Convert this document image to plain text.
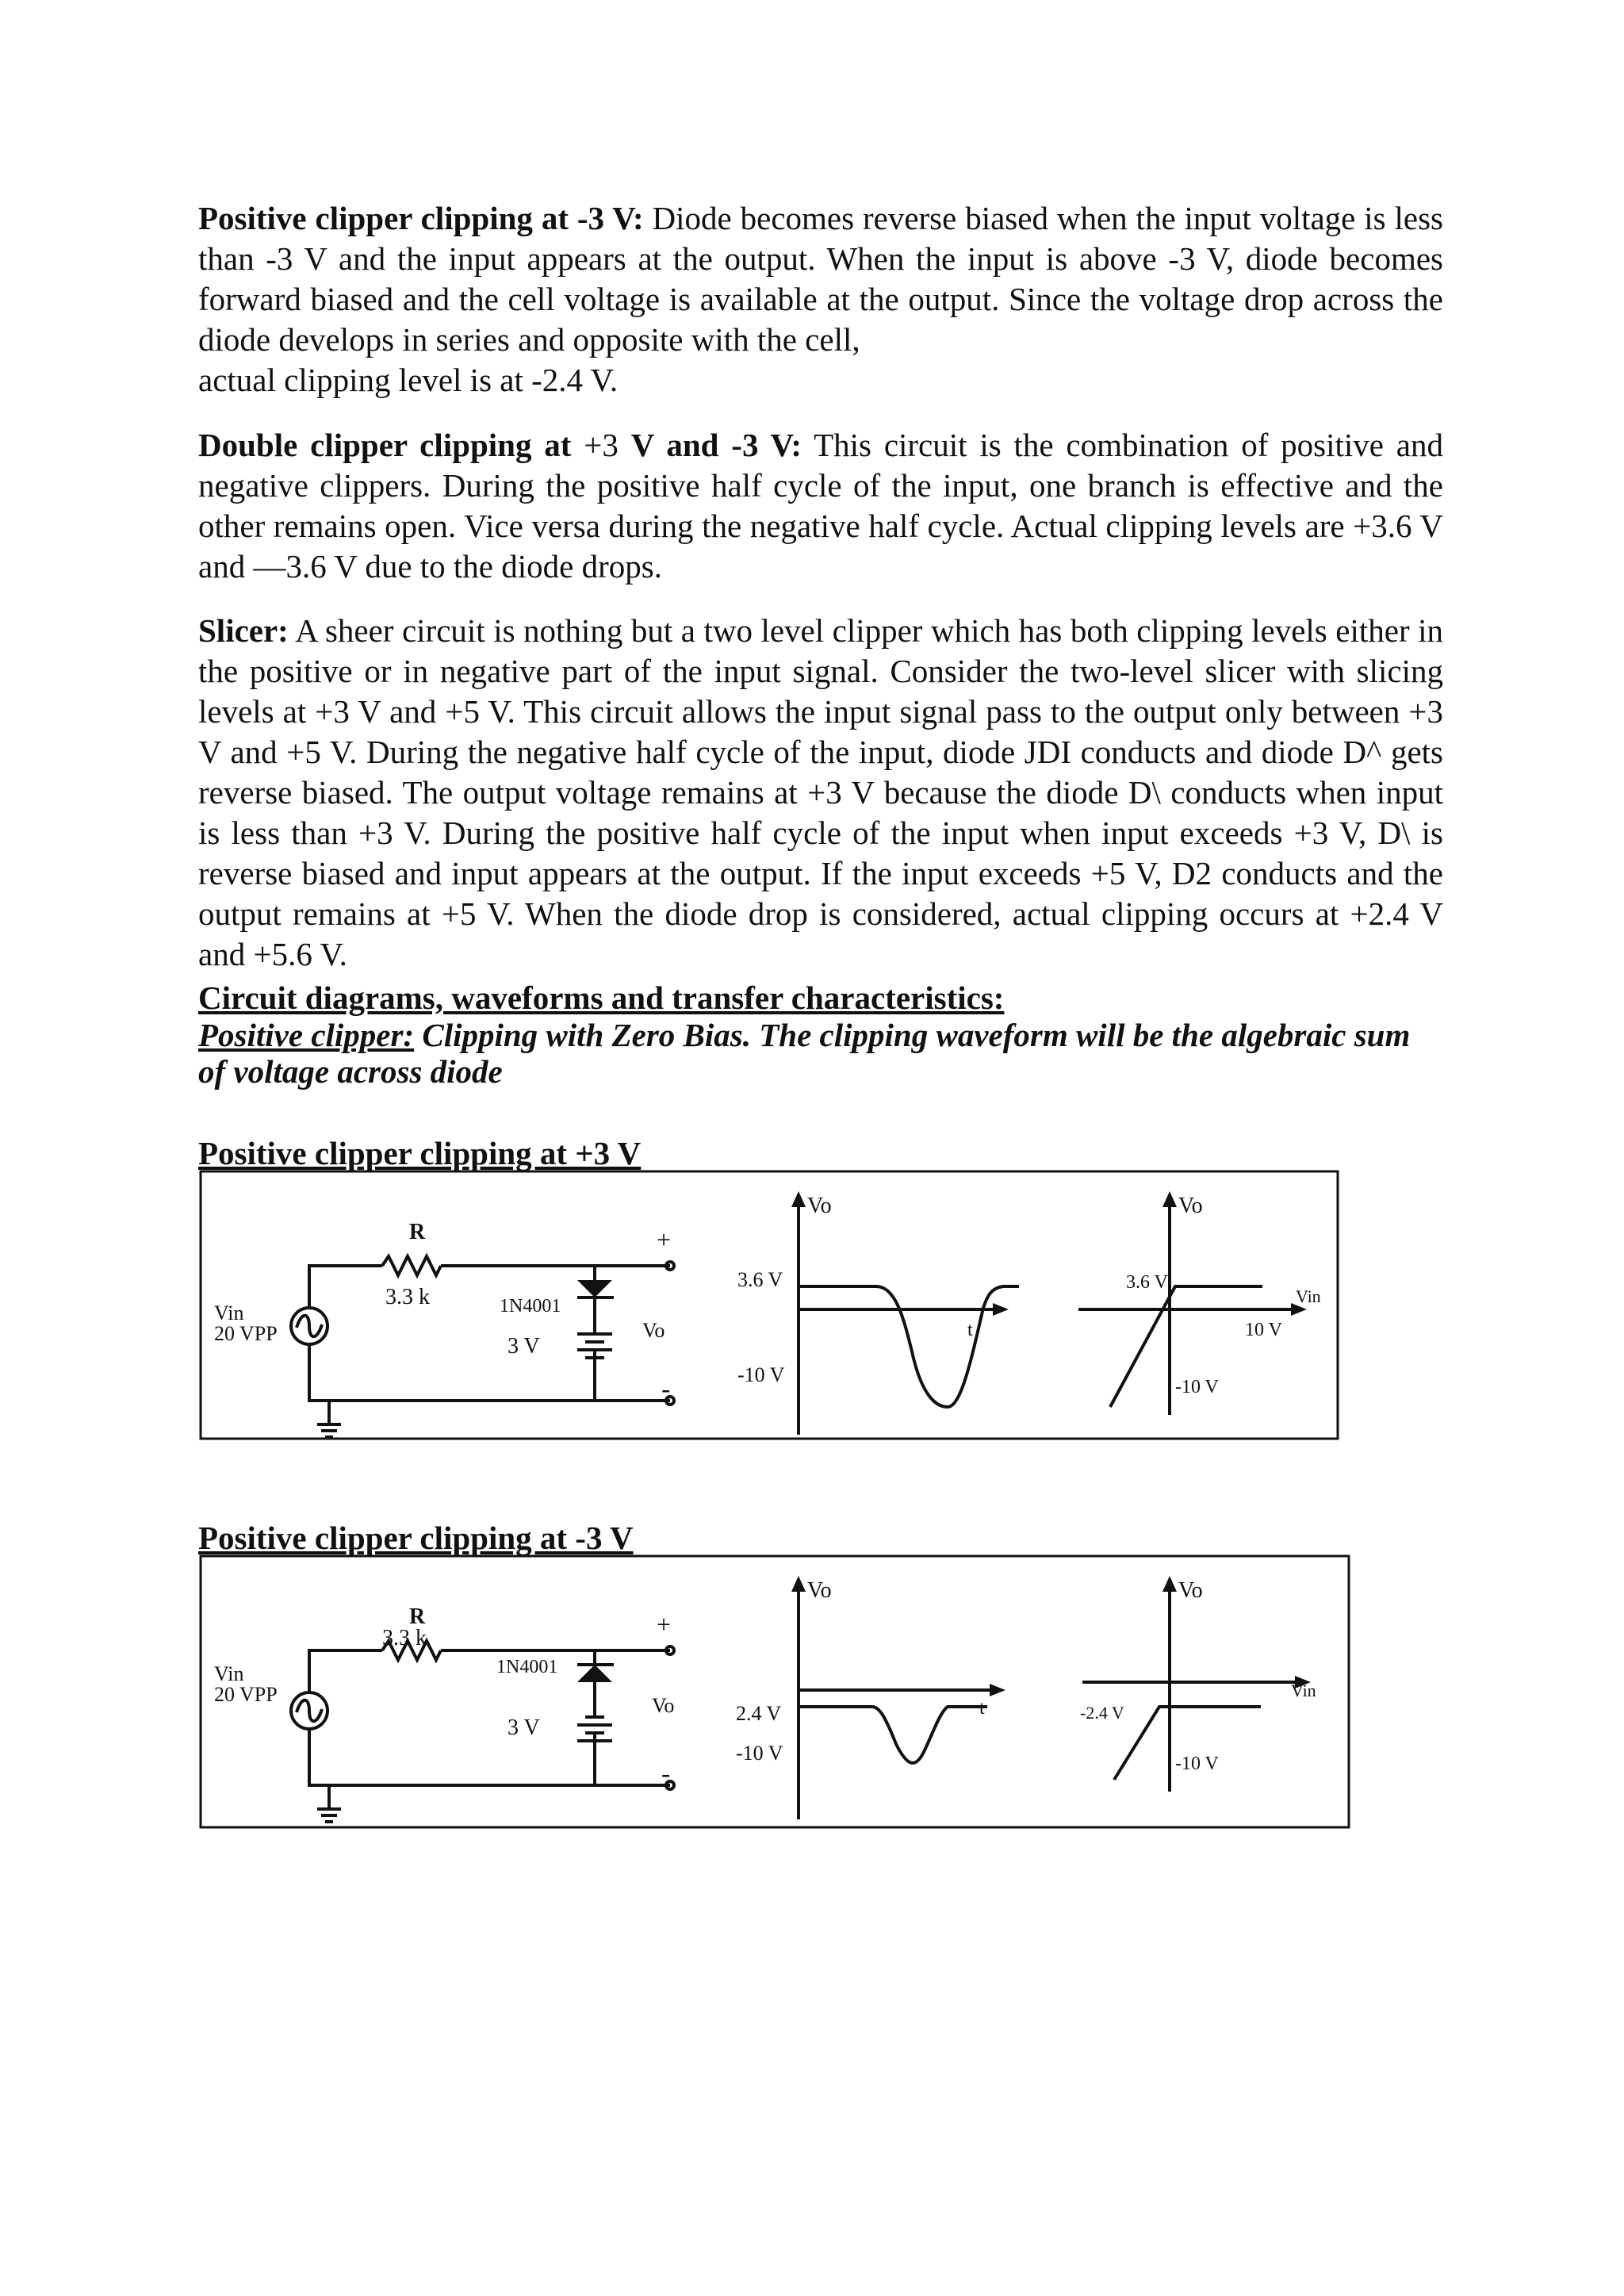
Positive clipper clipping at -3 V: Diode becomes reverse biased when the input voltage is less than -3 V and the input appears at the output. When the input is above -3 V, diode becomes forward biased and the cell voltage is available at the output. Since the voltage drop across the diode develops in series and opposite with the cell,
actual clipping level is at -2.4 V.

Double clipper clipping at +3 V and -3 V: This circuit is the combination of positive and negative clippers. During the positive half cycle of the input, one branch is effective and the other remains open. Vice versa during the negative half cycle. Actual clipping levels are +3.6 V and —3.6 V due to the diode drops.

Slicer: A sheer circuit is nothing but a two level clipper which has both clipping levels either in the positive or in negative part of the input signal. Consider the two-level slicer with slicing levels at +3 V and +5 V. This circuit allows the input signal pass to the output only between +3 V and +5 V. During the negative half cycle of the input, diode JDI conducts and diode D^ gets reverse biased. The output voltage remains at +3 V because the diode D\ conducts when input is less than +3 V. During the positive half cycle of the input when input exceeds +3 V, D\ is reverse biased and input appears at the output. If the input exceeds +5 V, D2 conducts and the output remains at +5 V. When the diode drop is considered, actual clipping occurs at +2.4 V and +5.6 V.

Circuit diagrams, waveforms and transfer characteristics:

Positive clipper: Clipping with Zero Bias. The clipping waveform will be the algebraic sum of voltage across diode

Positive clipper clipping at +3 V

R
3.3 k	1N4001
Vin
20 VPP
3 V
Vo
+
-
Vo
t
3.6 V
-10 V
Vo
Vin
3.6 V
10 V
-10 V

Positive clipper clipping at -3 V

R
3.3 k
1N4001
Vin
20 VPP
3 V
Vo
+
-
Vo
t
2.4 V
-10 V
Vo
Vin
-2.4 V
-10 V
